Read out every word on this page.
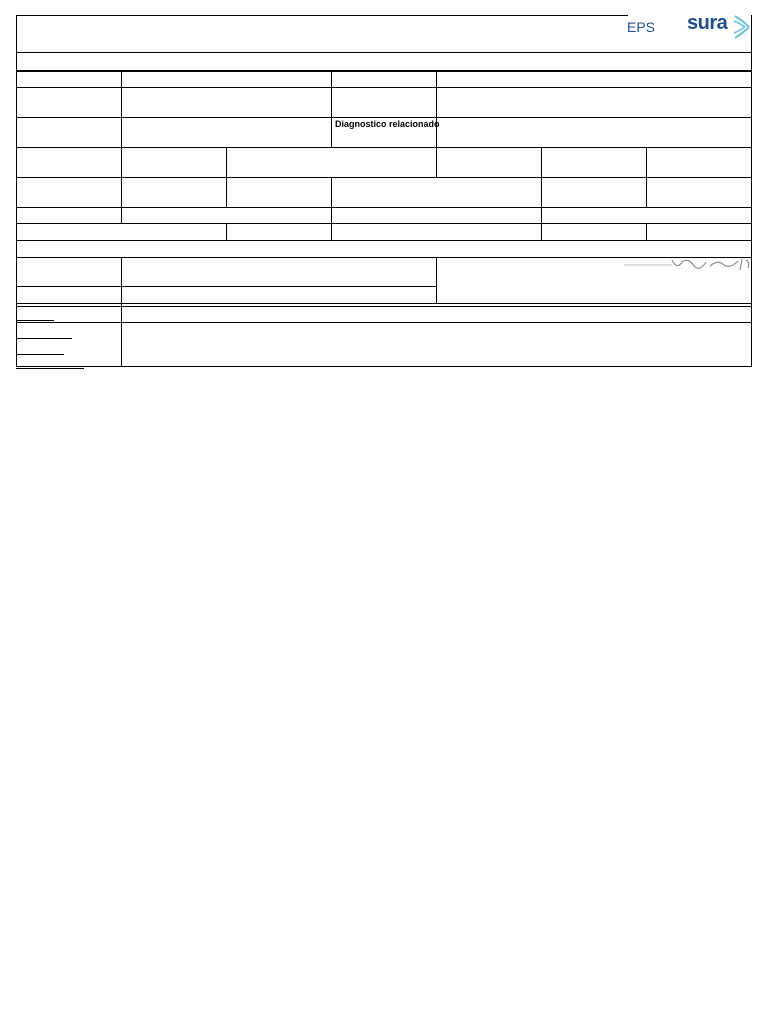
EPS sura
Diagnostico relacionado
